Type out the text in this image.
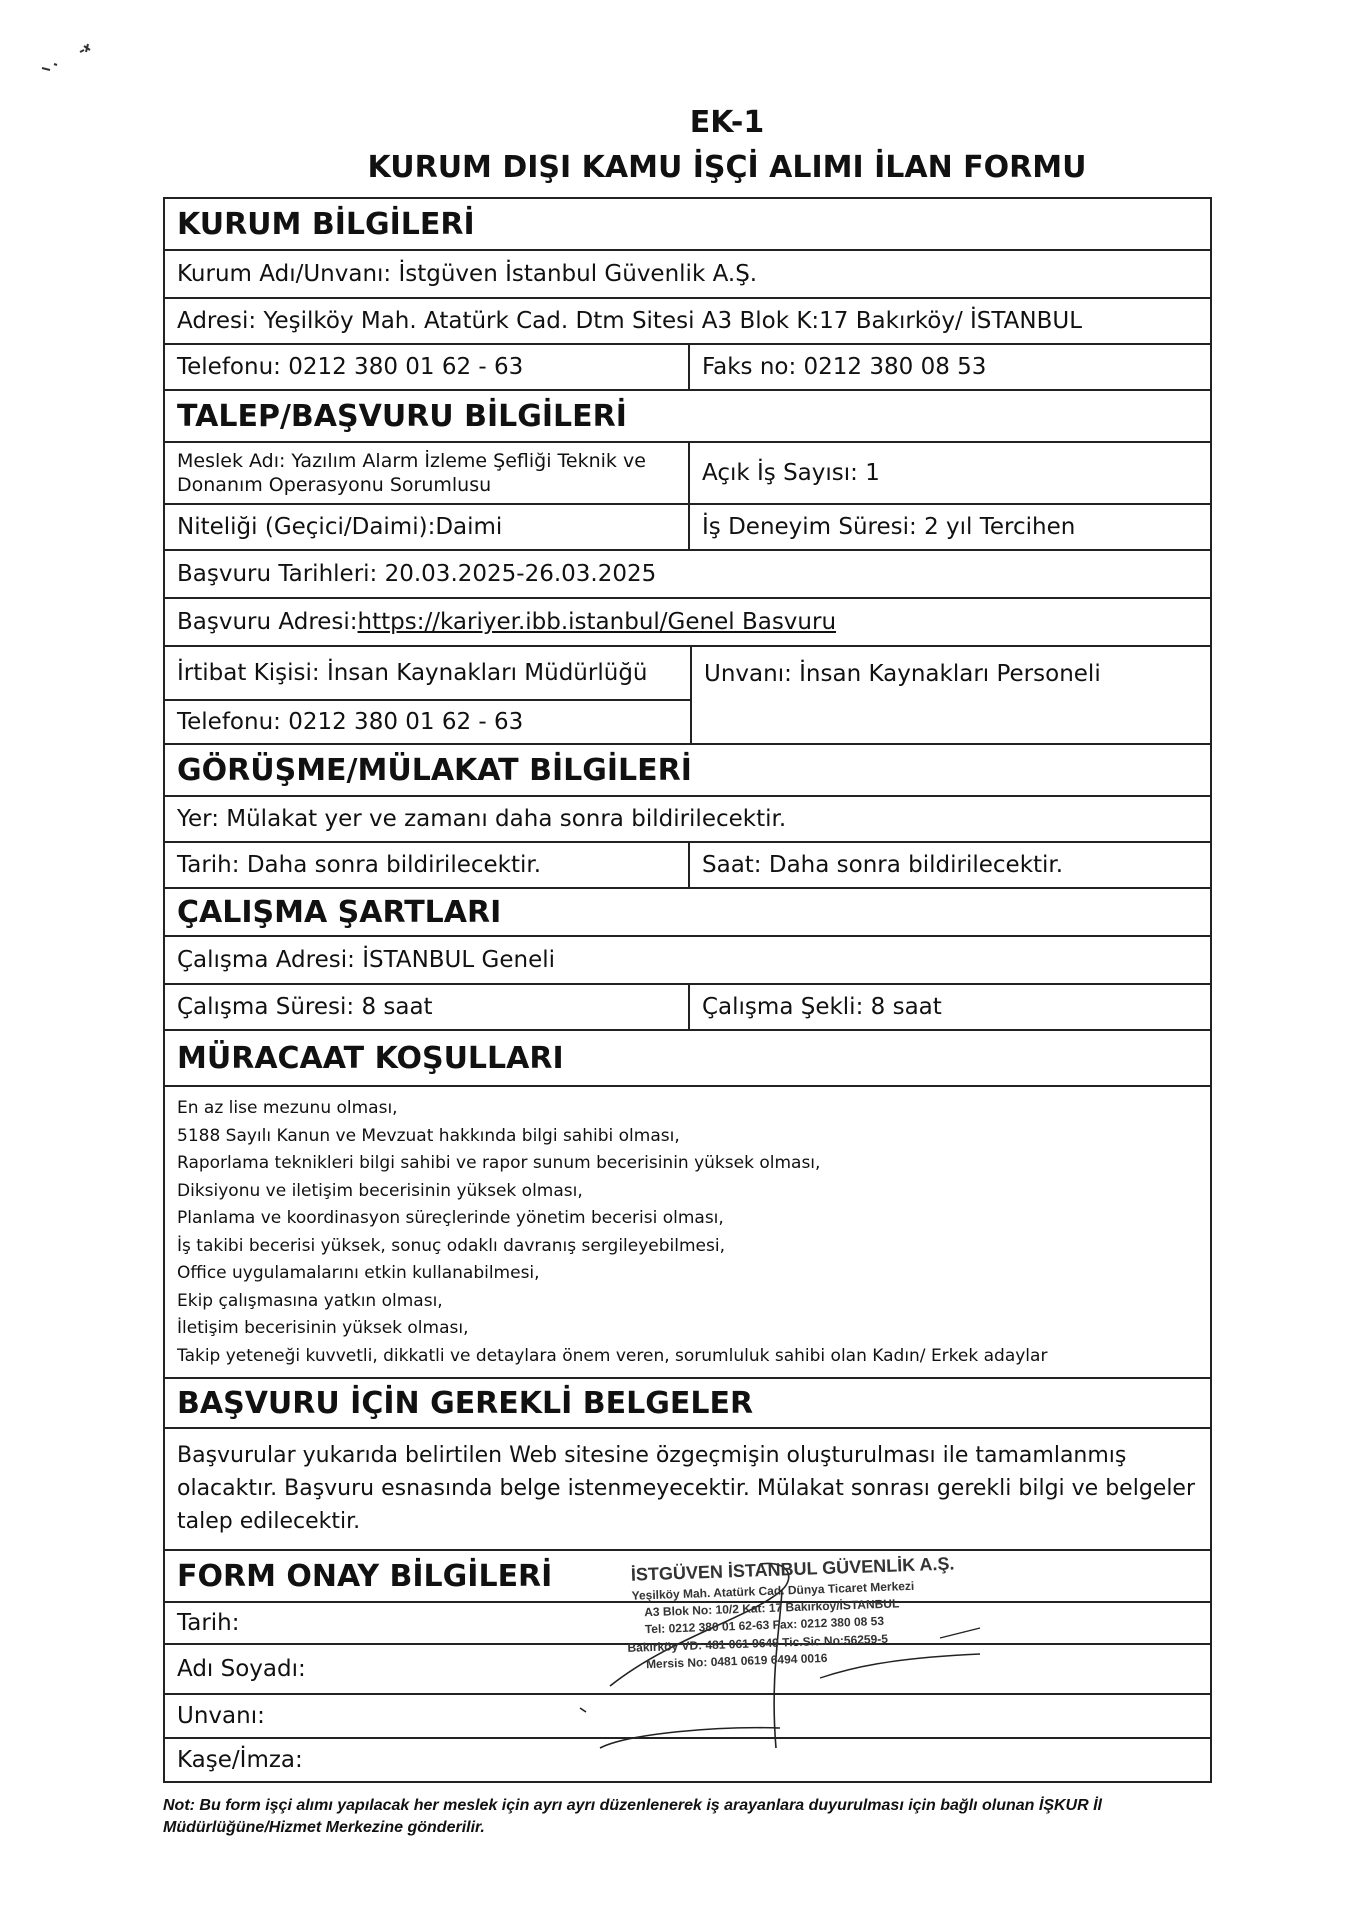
EK-1
KURUM DIŞI KAMU İŞÇİ ALIMI İLAN FORMU
KURUM BİLGİLERİ
Kurum Adı/Unvanı: İstgüven İstanbul Güvenlik A.Ş.
Adresi: Yeşilköy Mah. Atatürk Cad. Dtm Sitesi A3 Blok K:17 Bakırköy/ İSTANBUL
Telefonu: 0212 380 01 62 - 63	Faks no: 0212 380 08 53
TALEP/BAŞVURU BİLGİLERİ
Meslek Adı: Yazılım Alarm İzleme Şefliği Teknik ve Donanım Operasyonu Sorumlusu	Açık İş Sayısı: 1
Niteliği (Geçici/Daimi):Daimi	İş Deneyim Süresi: 2 yıl Tercihen
Başvuru Tarihleri: 20.03.2025-26.03.2025
Başvuru Adresi: https://kariyer.ibb.istanbul/Genel Basvuru
İrtibat Kişisi: İnsan Kaynakları Müdürlüğü
Telefonu: 0212 380 01 62 - 63
Unvanı: İnsan Kaynakları Personeli
GÖRÜŞME/MÜLAKAT BİLGİLERİ
Yer: Mülakat yer ve zamanı daha sonra bildirilecektir.
Tarih: Daha sonra bildirilecektir.	Saat: Daha sonra bildirilecektir.
ÇALIŞMA ŞARTLARI
Çalışma Adresi: İSTANBUL Geneli
Çalışma Süresi: 8 saat	Çalışma Şekli: 8 saat
MÜRACAAT KOŞULLARI
En az lise mezunu olması,
5188 Sayılı Kanun ve Mevzuat hakkında bilgi sahibi olması,
Raporlama teknikleri bilgi sahibi ve rapor sunum becerisinin yüksek olması,
Diksiyonu ve iletişim becerisinin yüksek olması,
Planlama ve koordinasyon süreçlerinde yönetim becerisi olması,
İş takibi becerisi yüksek, sonuç odaklı davranış sergileyebilmesi,
Office uygulamalarını etkin kullanabilmesi,
Ekip çalışmasına yatkın olması,
İletişim becerisinin yüksek olması,
Takip yeteneği kuvvetli, dikkatli ve detaylara önem veren, sorumluluk sahibi olan Kadın/ Erkek adaylar
BAŞVURU İÇİN GEREKLİ BELGELER
Başvurular yukarıda belirtilen Web sitesine özgeçmişin oluşturulması ile tamamlanmış olacaktır. Başvuru esnasında belge istenmeyecektir. Mülakat sonrası gerekli bilgi ve belgeler talep edilecektir.
FORM ONAY BİLGİLERİ
Tarih:
Adı Soyadı:
Unvanı:
Kaşe/İmza:
İSTGÜVEN İSTANBUL GÜVENLİK A.Ş.
Yeşilköy Mah. Atatürk Cad. Dünya Ticaret Merkezi
A3 Blok No: 10/2 Kat: 17 Bakırköy/İSTANBUL
Tel: 0212 380 01 62-63 Fax: 0212 380 08 53
Bakırköy VD: 481 061 9649 Tic.Sic.No:56259-5
Mersis No: 0481 0619 6494 0016
Not: Bu form işçi alımı yapılacak her meslek için ayrı ayrı düzenlenerek iş arayanlara duyurulması için bağlı olunan İŞKUR İl Müdürlüğüne/Hizmet Merkezine gönderilir.
